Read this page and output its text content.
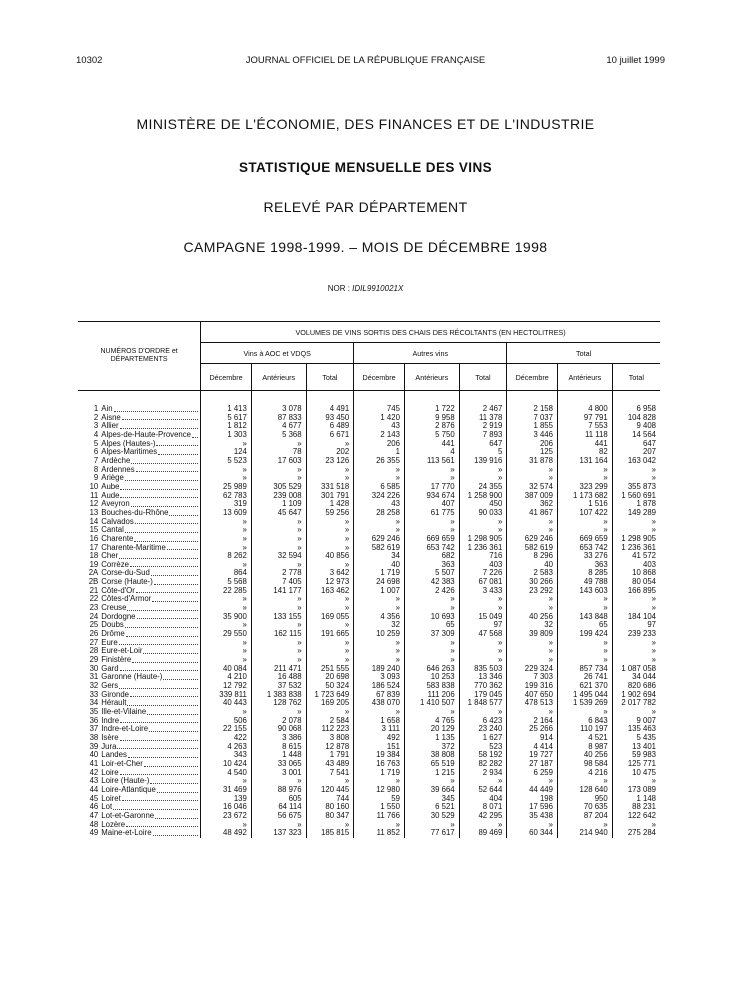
10302	JOURNAL OFFICIEL DE LA RÉPUBLIQUE FRANÇAISE	10 juillet 1999
MINISTÈRE DE L'ÉCONOMIE, DES FINANCES ET DE L'INDUSTRIE
STATISTIQUE MENSUELLE DES VINS
RELEVÉ PAR DÉPARTEMENT
CAMPAGNE 1998-1999. – MOIS DE DÉCEMBRE 1998
NOR : IDIL9910021X
NUMÉROS D'ORDRE et DÉPARTEMENTS		VOLUMES DE VINS SORTIS DES CHAIS DES RÉCOLTANTS (EN HECTOLITRES)								
		Vins à AOC et VDQS			Autres vins			Total		
		Décembre	Antérieurs	Total	Décembre	Antérieurs	Total	Décembre	Antérieurs	Total

1	Ain	1 413	3 078	4 491	745	1 722	2 467	2 158	4 800	6 958
2	Aisne	5 617	87 833	93 450	1 420	9 958	11 378	7 037	97 791	104 828
3	Allier	1 812	4 677	6 489	43	2 876	2 919	1 855	7 553	9 408
4	Alpes-de-Haute-Provence	1 303	5 368	6 671	2 143	5 750	7 893	3 446	11 118	14 564
5	Alpes (Hautes-)	»	»	»	206	441	647	206	441	647
6	Alpes-Maritimes	124	78	202	1	4	5	125	82	207
7	Ardèche	5 523	17 603	23 126	26 355	113 561	139 916	31 878	131 164	163 042
8	Ardennes	»	»	»	»	»	»	»	»	»
9	Ariège	»	»	»	»	»	»	»	»	»
10	Aube	25 989	305 529	331 518	6 585	17 770	24 355	32 574	323 299	355 873
11	Aude	62 783	239 008	301 791	324 226	934 674	1 258 900	387 009	1 173 682	1 560 691
12	Aveyron	319	1 109	1 428	43	407	450	362	1 516	1 878
13	Bouches-du-Rhône	13 609	45 647	59 256	28 258	61 775	90 033	41 867	107 422	149 289
14	Calvados	»	»	»	»	»	»	»	»	»
15	Cantal	»	»	»	»	»	»	»	»	»
16	Charente	»	»	»	629 246	669 659	1 298 905	629 246	669 659	1 298 905
17	Charente-Maritime	»	»	»	582 619	653 742	1 236 361	582 619	653 742	1 236 361
18	Cher	8 262	32 594	40 856	34	682	716	8 296	33 276	41 572
19	Corrèze	»	»	»	40	363	403	40	363	403
2A	Corse-du-Sud	864	2 778	3 642	1 719	5 507	7 226	2 583	8 285	10 868
2B	Corse (Haute-)	5 568	7 405	12 973	24 698	42 383	67 081	30 266	49 788	80 054
21	Côte-d'Or	22 285	141 177	163 462	1 007	2 426	3 433	23 292	143 603	166 895
22	Côtes-d'Armor	»	»	»	»	»	»	»	»	»
23	Creuse	»	»	»	»	»	»	»	»	»
24	Dordogne	35 900	133 155	169 055	4 356	10 693	15 049	40 256	143 848	184 104
25	Doubs	»	»	»	32	65	97	32	65	97
26	Drôme	29 550	162 115	191 665	10 259	37 309	47 568	39 809	199 424	239 233
27	Eure	»	»	»	»	»	»	»	»	»
28	Eure-et-Loir	»	»	»	»	»	»	»	»	»
29	Finistère	»	»	»	»	»	»	»	»	»
30	Gard	40 084	211 471	251 555	189 240	646 263	835 503	229 324	857 734	1 087 058
31	Garonne (Haute-)	4 210	16 488	20 698	3 093	10 253	13 346	7 303	26 741	34 044
32	Gers	12 792	37 532	50 324	186 524	583 838	770 362	199 316	621 370	820 686
33	Gironde	339 811	1 383 838	1 723 649	67 839	111 206	179 045	407 650	1 495 044	1 902 694
34	Hérault	40 443	128 762	169 205	438 070	1 410 507	1 848 577	478 513	1 539 269	2 017 782
35	Ille-et-Vilaine	»	»	»	»	»	»	»	»	»
36	Indre	506	2 078	2 584	1 658	4 765	6 423	2 164	6 843	9 007
37	Indre-et-Loire	22 155	90 068	112 223	3 111	20 129	23 240	25 266	110 197	135 463
38	Isère	422	3 386	3 808	492	1 135	1 627	914	4 521	5 435
39	Jura	4 263	8 615	12 878	151	372	523	4 414	8 987	13 401
40	Landes	343	1 448	1 791	19 384	38 808	58 192	19 727	40 256	59 983
41	Loir-et-Cher	10 424	33 065	43 489	16 763	65 519	82 282	27 187	98 584	125 771
42	Loire	4 540	3 001	7 541	1 719	1 215	2 934	6 259	4 216	10 475
43	Loire (Haute-)	»	»	»	»	»	»	»	»	»
44	Loire-Atlantique	31 469	88 976	120 445	12 980	39 664	52 644	44 449	128 640	173 089
45	Loiret	139	605	744	59	345	404	198	950	1 148
46	Lot	16 046	64 114	80 160	1 550	6 521	8 071	17 596	70 635	88 231
47	Lot-et-Garonne	23 672	56 675	80 347	11 766	30 529	42 295	35 438	87 204	122 642
48	Lozère	»	»	»	»	»	»	»	»	»
49	Maine-et-Loire	48 492	137 323	185 815	11 852	77 617	89 469	60 344	214 940	275 284
